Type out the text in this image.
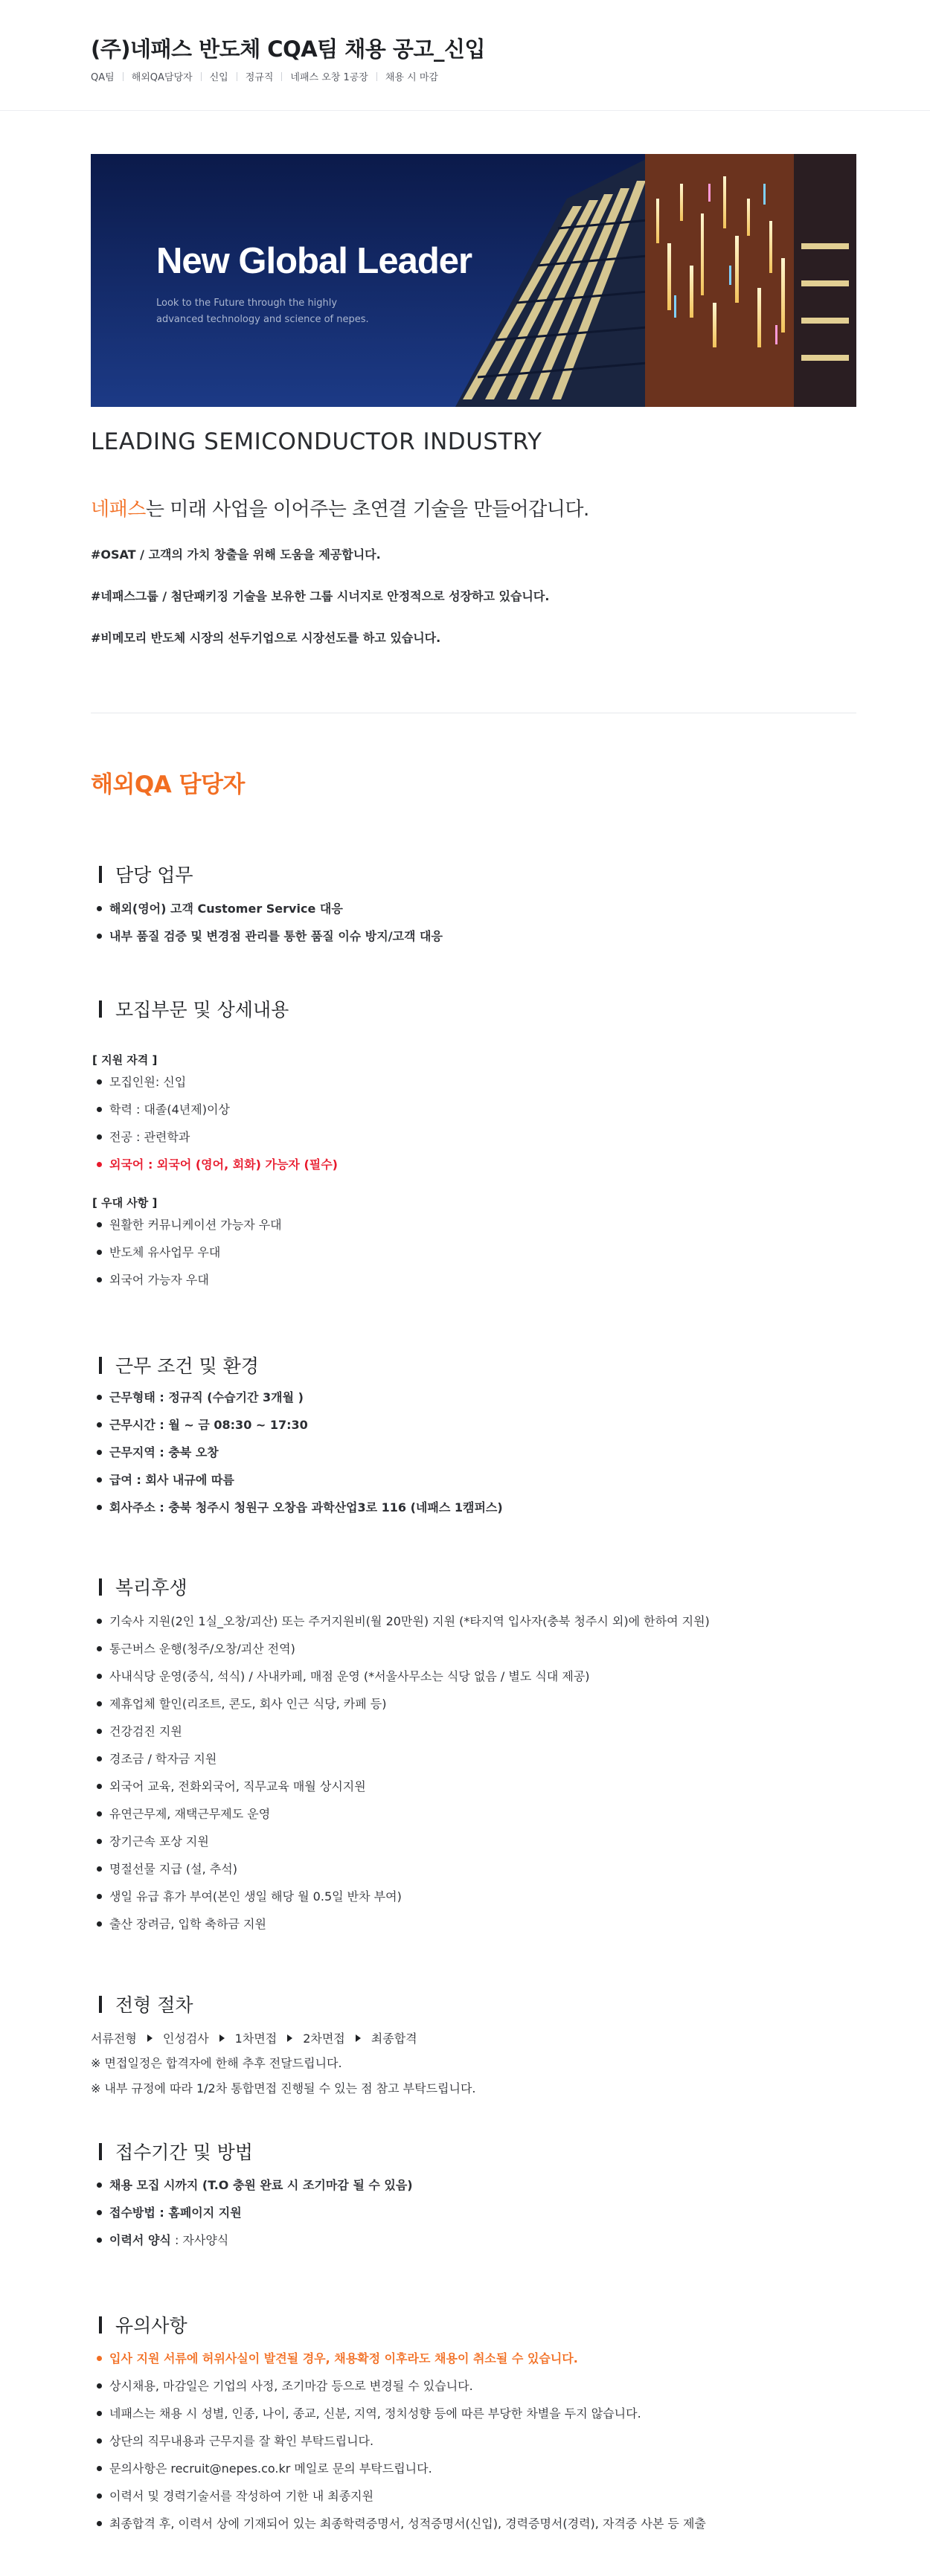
(주)네패스 반도체 CQA팀 채용 공고_신입
QA팀 해외QA담당자 신입 정규직 네패스 오창 1공장 채용 시 마감
New Global Leader
Look to the Future through the highly
advanced technology and science of nepes.
LEADING SEMICONDUCTOR INDUSTRY
네패스는 미래 사업을 이어주는 초연결 기술을 만들어갑니다.
#OSAT / 고객의 가치 창출을 위해 도움을 제공합니다.
#네패스그룹 / 첨단패키징 기술을 보유한 그룹 시너지로 안정적으로 성장하고 있습니다.
#비메모리 반도체 시장의 선두기업으로 시장선도를 하고 있습니다.
해외QA 담당자
담당 업무
해외(영어) 고객 Customer Service 대응
내부 품질 검증 및 변경점 관리를 통한 품질 이슈 방지/고객 대응
모집부문 및 상세내용
[ 지원 자격 ]
모집인원: 신입
학력 : 대졸(4년제)이상
전공 : 관련학과
외국어 : 외국어 (영어, 회화) 가능자 (필수)
[ 우대 사항 ]
원활한 커뮤니케이션 가능자 우대
반도체 유사업무 우대
외국어 가능자 우대
근무 조건 및 환경
근무형태 : 정규직 (수습기간 3개월 )
근무시간 : 월 ~ 금 08:30 ~ 17:30
근무지역 : 충북 오창
급여 : 회사 내규에 따름
회사주소 : 충북 청주시 청원구 오창읍 과학산업3로 116 (네패스 1캠퍼스)
복리후생
기숙사 지원(2인 1실_오창/괴산) 또는 주거지원비(월 20만원) 지원 (*타지역 입사자(충북 청주시 외)에 한하여 지원)
통근버스 운행(청주/오창/괴산 전역)
사내식당 운영(중식, 석식) / 사내카페, 매점 운영 (*서울사무소는 식당 없음 / 별도 식대 제공)
제휴업체 할인(리조트, 콘도, 회사 인근 식당, 카페 등)
건강검진 지원
경조금 / 학자금 지원
외국어 교육, 전화외국어, 직무교육 매월 상시지원
유연근무제, 재택근무제도 운영
장기근속 포상 지원
명절선물 지급 (설, 추석)
생일 유급 휴가 부여(본인 생일 해당 월 0.5일 반차 부여)
출산 장려금, 입학 축하금 지원
전형 절차
서류전형 인성검사 1차면접 2차면접 최종합격
※ 면접일정은 합격자에 한해 추후 전달드립니다.
※ 내부 규정에 따라 1/2차 통합면접 진행될 수 있는 점 참고 부탁드립니다.
접수기간 및 방법
채용 모집 시까지 (T.O 충원 완료 시 조기마감 될 수 있음)
접수방법 : 홈페이지 지원
이력서 양식 : 자사양식
유의사항
입사 지원 서류에 허위사실이 발견될 경우, 채용확정 이후라도 채용이 취소될 수 있습니다.
상시채용, 마감일은 기업의 사정, 조기마감 등으로 변경될 수 있습니다.
네패스는 채용 시 성별, 인종, 나이, 종교, 신분, 지역, 정치성향 등에 따른 부당한 차별을 두지 않습니다.
상단의 직무내용과 근무지를 잘 확인 부탁드립니다.
문의사항은 recruit@nepes.co.kr 메일로 문의 부탁드립니다.
이력서 및 경력기술서를 작성하여 기한 내 최종지원
최종합격 후, 이력서 상에 기재되어 있는 최종학력증명서, 성적증명서(신입), 경력증명서(경력), 자격증 사본 등 제출
